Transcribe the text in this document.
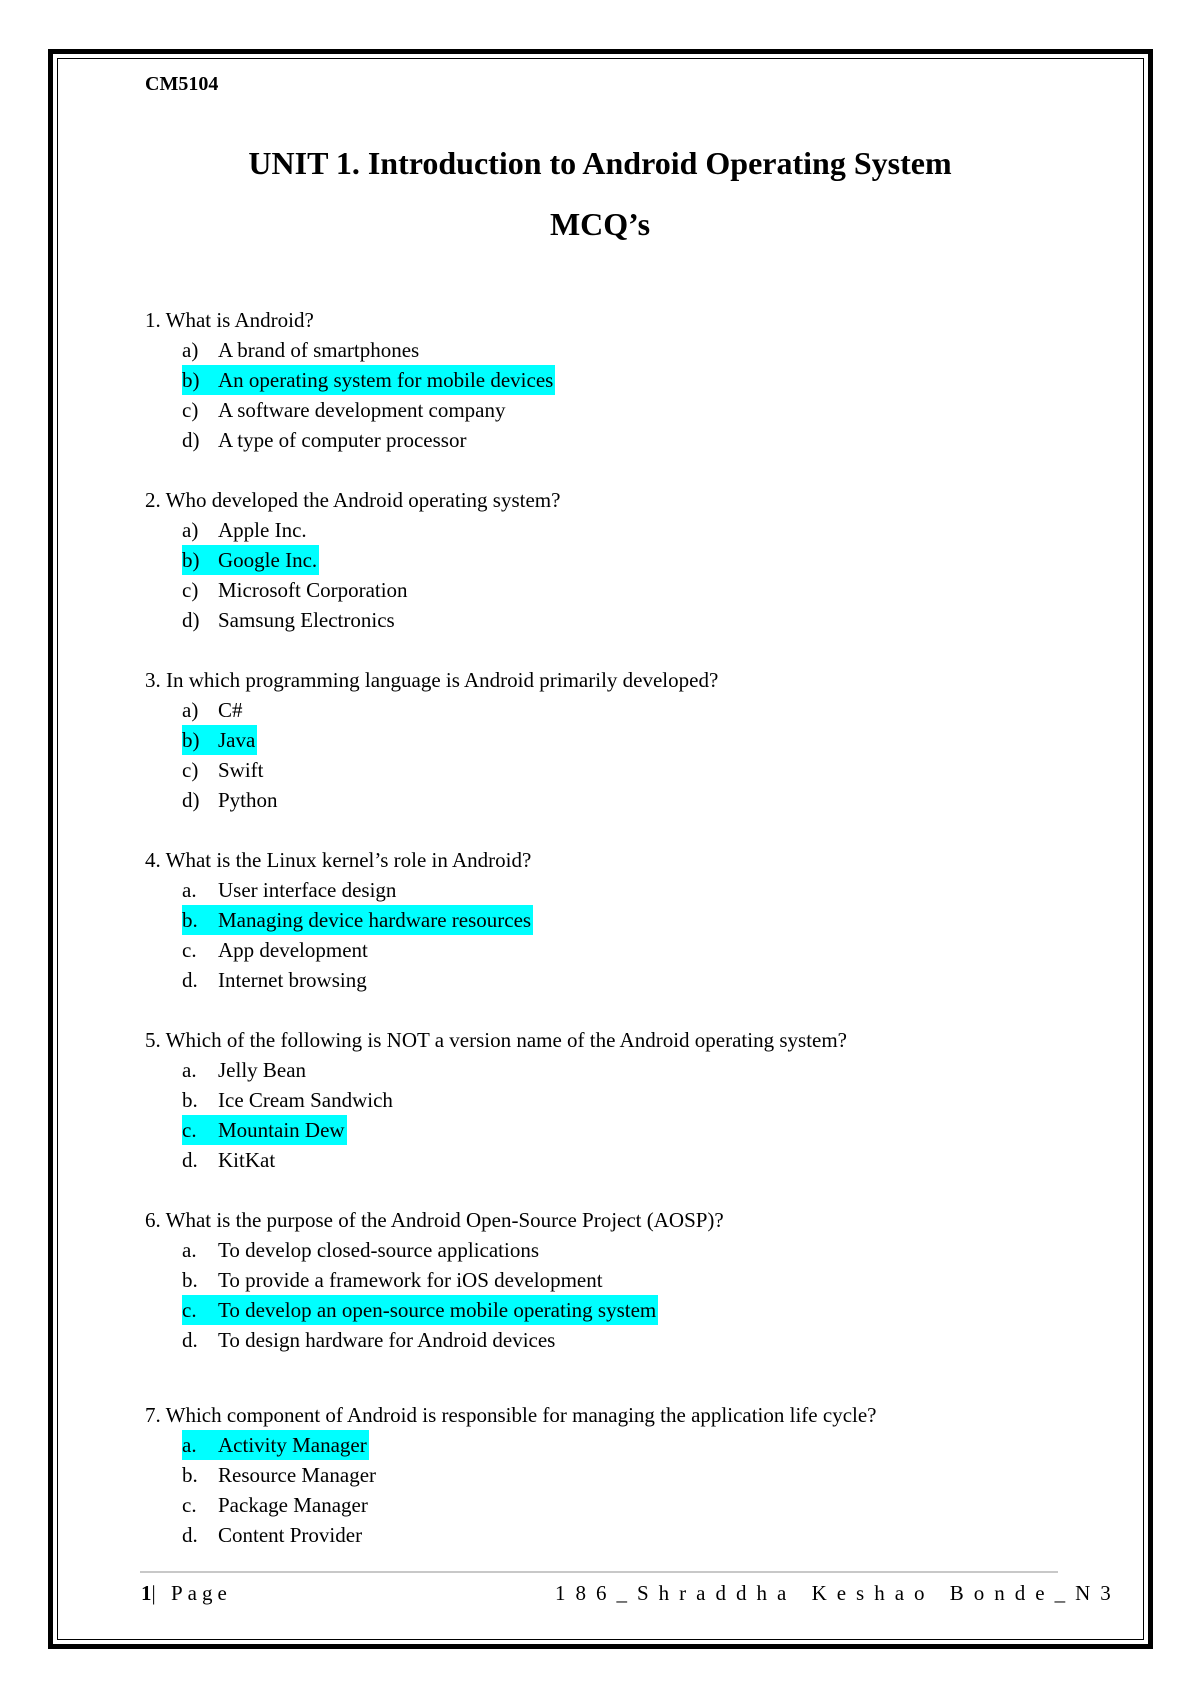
CM5104
UNIT 1. Introduction to Android Operating System
MCQ’s
1. What is Android?
a) A brand of smartphones
b) An operating system for mobile devices
c) A software development company
d) A type of computer processor
2. Who developed the Android operating system?
a) Apple Inc.
b) Google Inc.
c) Microsoft Corporation
d) Samsung Electronics
3. In which programming language is Android primarily developed?
a) C#
b) Java
c) Swift
d) Python
4. What is the Linux kernel’s role in Android?
a. User interface design
b. Managing device hardware resources
c. App development
d. Internet browsing
5. Which of the following is NOT a version name of the Android operating system?
a. Jelly Bean
b. Ice Cream Sandwich
c. Mountain Dew
d. KitKat
6. What is the purpose of the Android Open-Source Project (AOSP)?
a. To develop closed-source applications
b. To provide a framework for iOS development
c. To develop an open-source mobile operating system
d. To design hardware for Android devices
7. Which component of Android is responsible for managing the application life cycle?
a. Activity Manager
b. Resource Manager
c. Package Manager
d. Content Provider
1| Page	186_Shraddha Keshao Bonde_N3
